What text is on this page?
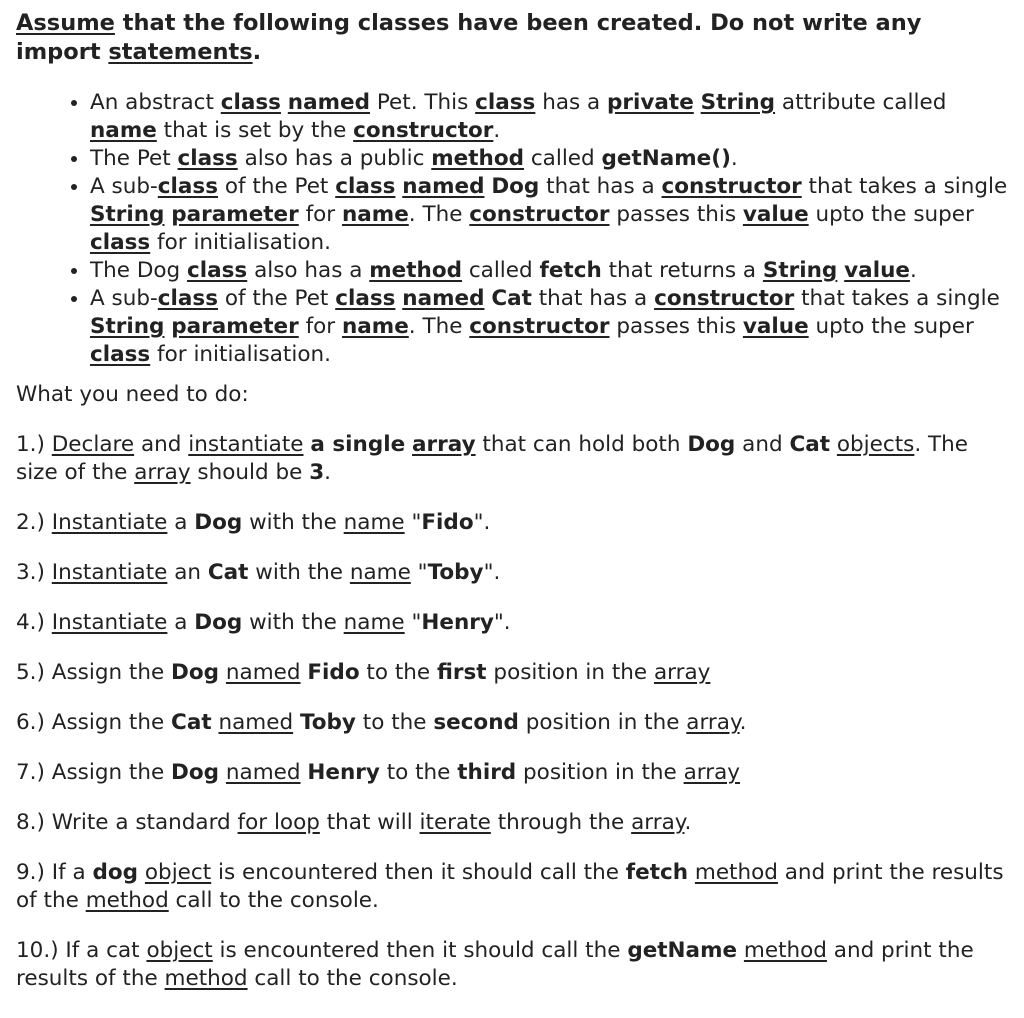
Assume that the following classes have been created. Do not write any import statements.
• An abstract class named Pet. This class has a private String attribute called name that is set by the constructor.
• The Pet class also has a public method called getName().
• A sub-class of the Pet class named Dog that has a constructor that takes a single String parameter for name. The constructor passes this value upto the super class for initialisation.
• The Dog class also has a method called fetch that returns a String value.
• A sub-class of the Pet class named Cat that has a constructor that takes a single String parameter for name. The constructor passes this value upto the super class for initialisation.
What you need to do:
1.) Declare and instantiate a single array that can hold both Dog and Cat objects. The size of the array should be 3.
2.) Instantiate a Dog with the name "Fido".
3.) Instantiate an Cat with the name "Toby".
4.) Instantiate a Dog with the name "Henry".
5.) Assign the Dog named Fido to the first position in the array
6.) Assign the Cat named Toby to the second position in the array.
7.) Assign the Dog named Henry to the third position in the array
8.) Write a standard for loop that will iterate through the array.
9.) If a dog object is encountered then it should call the fetch method and print the results of the method call to the console.
10.) If a cat object is encountered then it should call the getName method and print the results of the method call to the console.
